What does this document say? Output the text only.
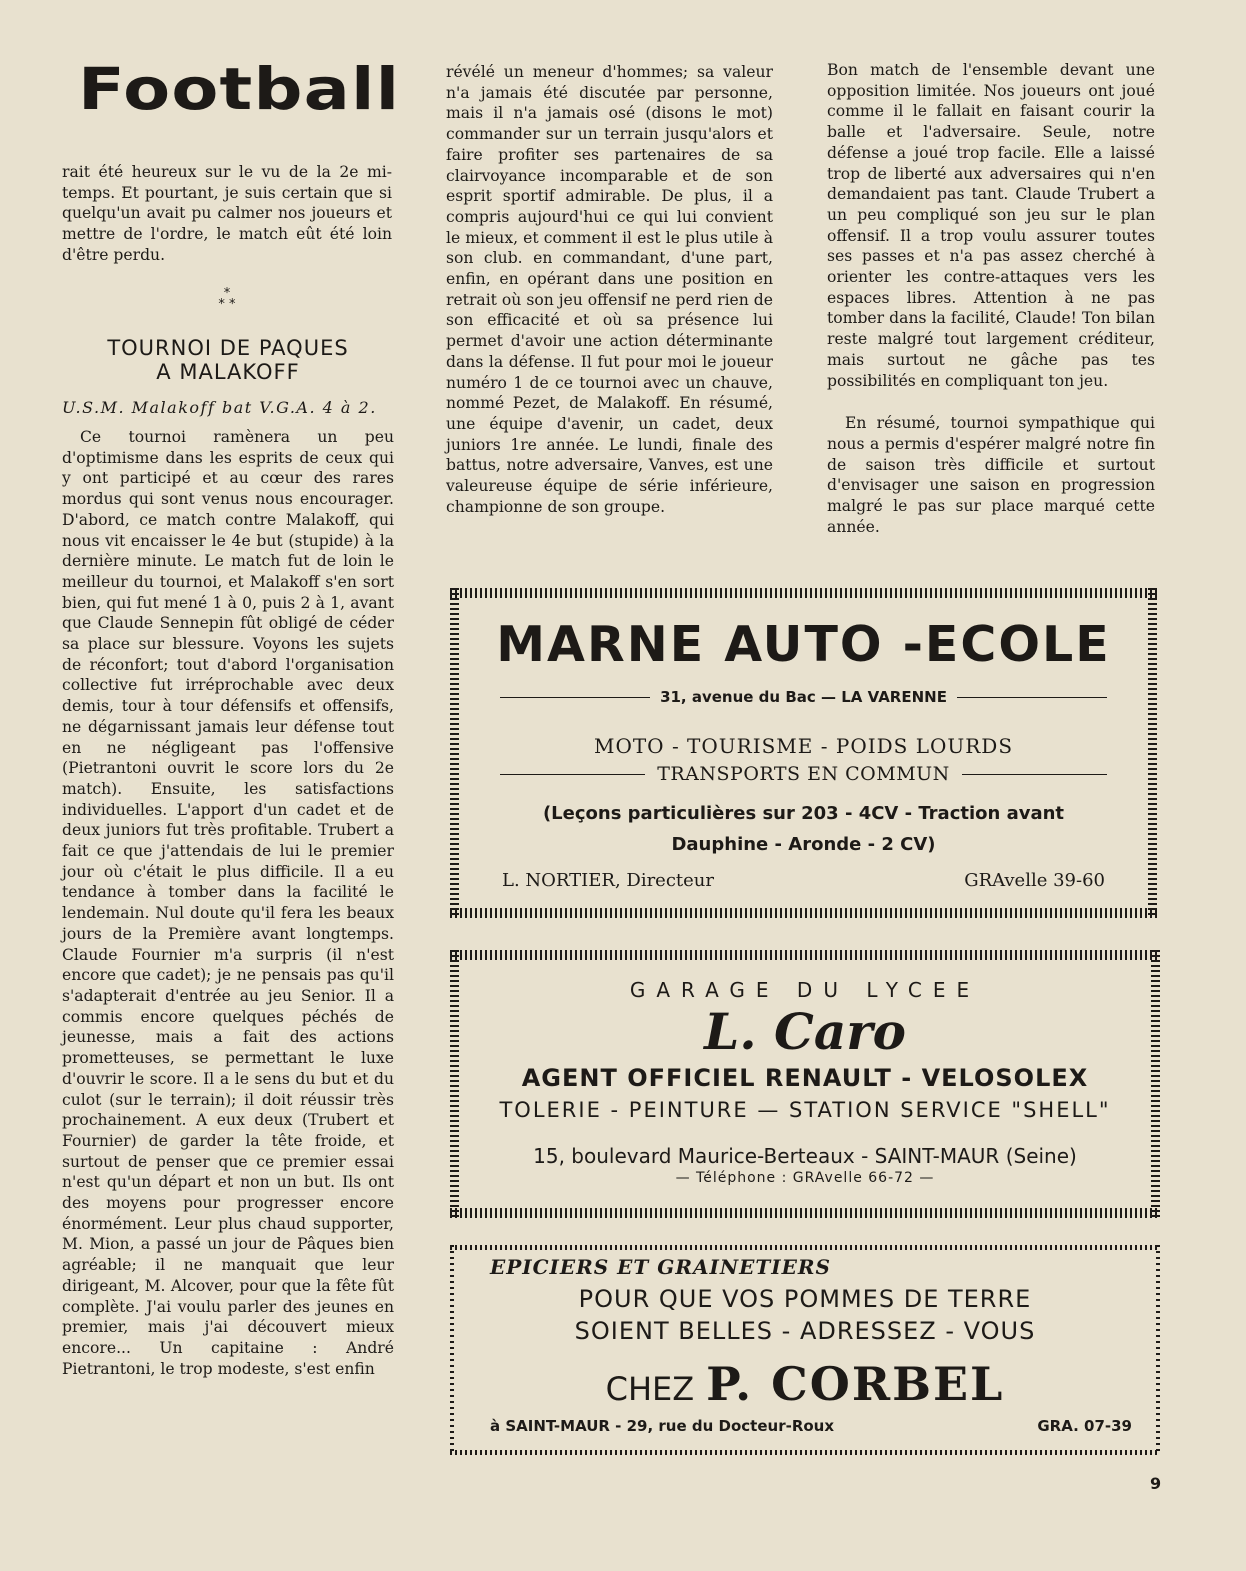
Football

rait été heureux sur le vu de la 2e mi-temps. Et pourtant, je suis certain que si quelqu'un avait pu calmer nos joueurs et mettre de l'ordre, le match eût été loin d'être perdu.

*
* *
TOURNOI DE PAQUES
A MALAKOFF
U.S.M. Malakoff bat V.G.A. 4 à 2.

Ce tournoi ramènera un peu d'optimisme dans les esprits de ceux qui y ont participé et au cœur des rares mordus qui sont venus nous encourager. D'abord, ce match contre Malakoff, qui nous vit encaisser le 4e but (stupide) à la dernière minute. Le match fut de loin le meilleur du tournoi, et Malakoff s'en sort bien, qui fut mené 1 à 0, puis 2 à 1, avant que Claude Sennepin fût obligé de céder sa place sur blessure. Voyons les sujets de réconfort; tout d'abord l'organisation collective fut irréprochable avec deux demis, tour à tour défensifs et offensifs, ne dégarnissant jamais leur défense tout en ne négligeant pas l'offensive (Pietrantoni ouvrit le score lors du 2e match). Ensuite, les satisfactions individuelles. L'apport d'un cadet et de deux juniors fut très profitable. Trubert a fait ce que j'attendais de lui le premier jour où c'était le plus difficile. Il a eu tendance à tomber dans la facilité le lendemain. Nul doute qu'il fera les beaux jours de la Première avant longtemps. Claude Fournier m'a surpris (il n'est encore que cadet); je ne pensais pas qu'il s'adapterait d'entrée au jeu Senior. Il a commis encore quelques péchés de jeunesse, mais a fait des actions prometteuses, se permettant le luxe d'ouvrir le score. Il a le sens du but et du culot (sur le terrain); il doit réussir très prochainement. A eux deux (Trubert et Fournier) de garder la tête froide, et surtout de penser que ce premier essai n'est qu'un départ et non un but. Ils ont des moyens pour progresser encore énormément. Leur plus chaud supporter, M. Mion, a passé un jour de Pâques bien agréable; il ne manquait que leur dirigeant, M. Alcover, pour que la fête fût complète. J'ai voulu parler des jeunes en premier, mais j'ai découvert mieux encore... Un capitaine : André Pietrantoni, le trop modeste, s'est enfin

révélé un meneur d'hommes; sa valeur n'a jamais été discutée par personne, mais il n'a jamais osé (disons le mot) commander sur un terrain jusqu'alors et faire profiter ses partenaires de sa clairvoyance incomparable et de son esprit sportif admirable. De plus, il a compris aujourd'hui ce qui lui convient le mieux, et comment il est le plus utile à son club. en commandant, d'une part, enfin, en opérant dans une position en retrait où son jeu offensif ne perd rien de son efficacité et où sa présence lui permet d'avoir une action déterminante dans la défense. Il fut pour moi le joueur numéro 1 de ce tournoi avec un chauve, nommé Pezet, de Malakoff. En résumé, une équipe d'avenir, un cadet, deux juniors 1re année. Le lundi, finale des battus, notre adversaire, Vanves, est une valeureuse équipe de série inférieure, championne de son groupe.

Bon match de l'ensemble devant une opposition limitée. Nos joueurs ont joué comme il le fallait en faisant courir la balle et l'adversaire. Seule, notre défense a joué trop facile. Elle a laissé trop de liberté aux adversaires qui n'en demandaient pas tant. Claude Trubert a un peu compliqué son jeu sur le plan offensif. Il a trop voulu assurer toutes ses passes et n'a pas assez cherché à orienter les contre-attaques vers les espaces libres. Attention à ne pas tomber dans la facilité, Claude! Ton bilan reste malgré tout largement créditeur, mais surtout ne gâche pas tes possibilités en compliquant ton jeu.

En résumé, tournoi sympathique qui nous a permis d'espérer malgré notre fin de saison très difficile et surtout d'envisager une saison en progression malgré le pas sur place marqué cette année.

MARNE AUTO -ECOLE
31, avenue du Bac — LA VARENNE
MOTO - TOURISME - POIDS LOURDS
TRANSPORTS EN COMMUN
(Leçons particulières sur 203 - 4CV - Traction avant
Dauphine - Aronde - 2 CV)
L. NORTIER, Directeur	GRAvelle 39-60
GARAGE DU LYCEE
L. Caro
AGENT OFFICIEL RENAULT - VELOSOLEX
TOLERIE - PEINTURE — STATION SERVICE "SHELL"
15, boulevard Maurice-Berteaux - SAINT-MAUR (Seine)
— Téléphone : GRAvelle 66-72 —
EPICIERS ET GRAINETIERS
POUR QUE VOS POMMES DE TERRE
SOIENT BELLES - ADRESSEZ - VOUS
CHEZ P. CORBEL
à SAINT-MAUR - 29, rue du Docteur-Roux	GRA. 07-39
9
